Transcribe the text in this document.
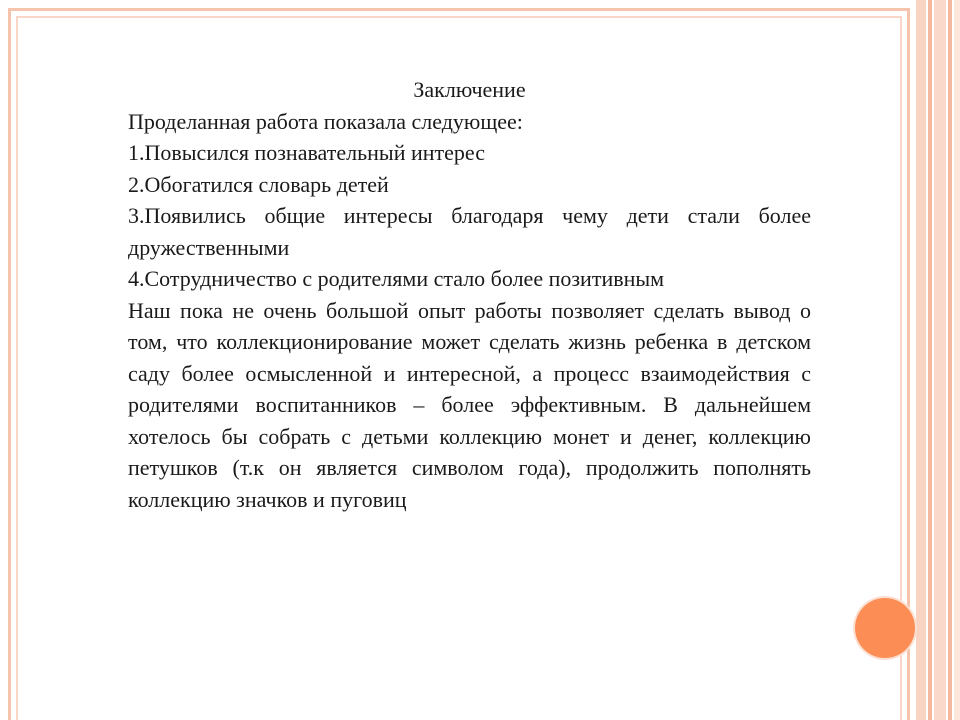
Заключение

Проделанная работа показала следующее:

1.Повысился познавательный интерес

2.Обогатился словарь детей

3.Появились общие интересы благодаря чему дети стали более дружественными

4.Сотрудничество с родителями стало более позитивным

Наш пока не очень большой опыт работы позволяет сделать вывод о том, что коллекционирование может сделать жизнь ребенка в детском саду более осмысленной и интересной, а процесс взаимодействия с родителями воспитанников – более эффективным. В дальнейшем хотелось бы собрать с детьми коллекцию монет и денег, коллекцию петушков (т.к он является символом года), продолжить пополнять коллекцию значков и пуговиц
